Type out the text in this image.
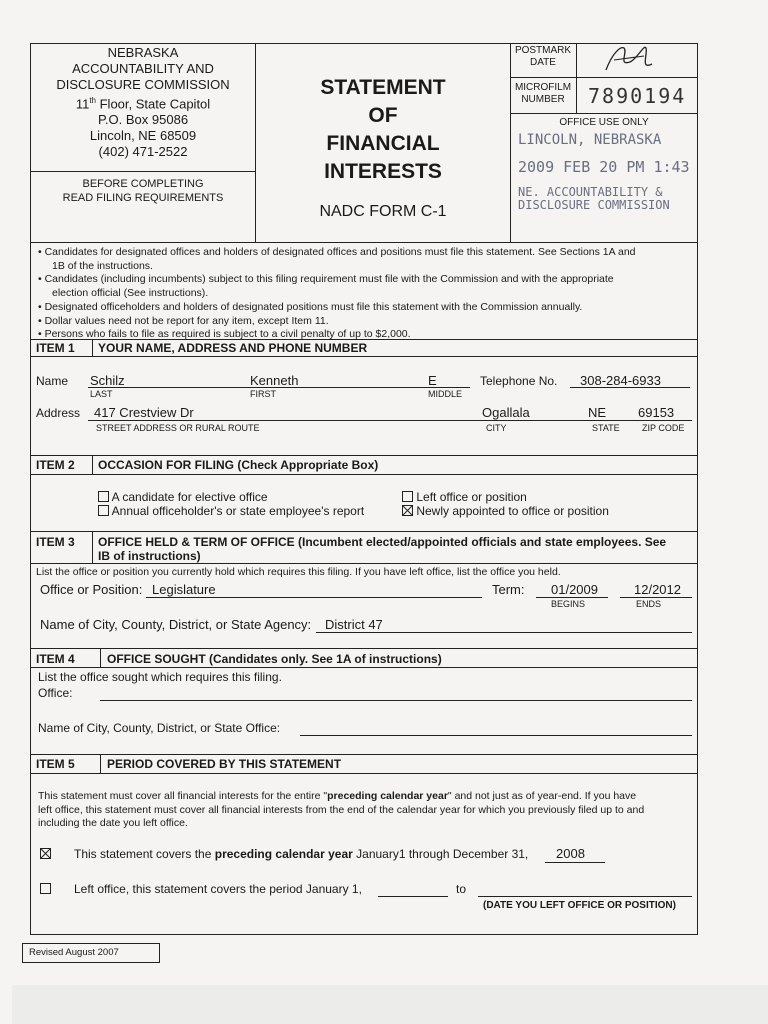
NEBRASKA
ACCOUNTABILITY AND
DISCLOSURE COMMISSION
11th Floor, State Capitol
P.O. Box 95086
Lincoln, NE 68509
(402) 471-2522
BEFORE COMPLETING
READ FILING REQUIREMENTS
STATEMENT
OF
FINANCIAL
INTERESTS
NADC FORM C-1
POSTMARK
DATE
MICROFILM
NUMBER	7890194
OFFICE USE ONLY
LINCOLN, NEBRASKA
2009 FEB 20 PM 1:43
NE. ACCOUNTABILITY &
DISCLOSURE COMMISSION
• Candidates for designated offices and holders of designated offices and positions must file this statement. See Sections 1A and
1B of the instructions.
• Candidates (including incumbents) subject to this filing requirement must file with the Commission and with the appropriate
election official (See instructions).
• Designated officeholders and holders of designated positions must file this statement with the Commission annually.
• Dollar values need not be report for any item, except Item 11.
• Persons who fails to file as required is subject to a civil penalty of up to $2,000.
ITEM 1 YOUR NAME, ADDRESS AND PHONE NUMBER
Name Schilz	Kenneth	E
LAST	FIRST	MIDDLE
Telephone No. 308-284-6933
Address 417 Crestview Dr	Ogallala	NE 69153
STREET ADDRESS OR RURAL ROUTE	CITY	STATE ZIP CODE
ITEM 2 OCCASION FOR FILING (Check Appropriate Box)
A candidate for elective office
Annual officeholder's or state employee's report
Left office or position
Newly appointed to office or position
ITEM 3 OFFICE HELD & TERM OF OFFICE (Incumbent elected/appointed officials and state employees. See
IB of instructions)
List the office or position you currently hold which requires this filing. If you have left office, list the office you held.
Office or Position: Legislature	Term: 01/2009	12/2012
BEGINS	ENDS
Name of City, County, District, or State Agency: District 47
ITEM 4	OFFICE SOUGHT (Candidates only. See 1A of instructions)
List the office sought which requires this filing.
Office:
Name of City, County, District, or State Office:
ITEM 5	PERIOD COVERED BY THIS STATEMENT
This statement must cover all financial interests for the entire "preceding calendar year" and not just as of year-end. If you have
left office, this statement must cover all financial interests from the end of the calendar year for which you previously filed up to and
including the date you left office.
This statement covers the preceding calendar year January1 through December 31, 2008
Left office, this statement covers the period January 1,	to
(DATE YOU LEFT OFFICE OR POSITION)
Revised August 2007
